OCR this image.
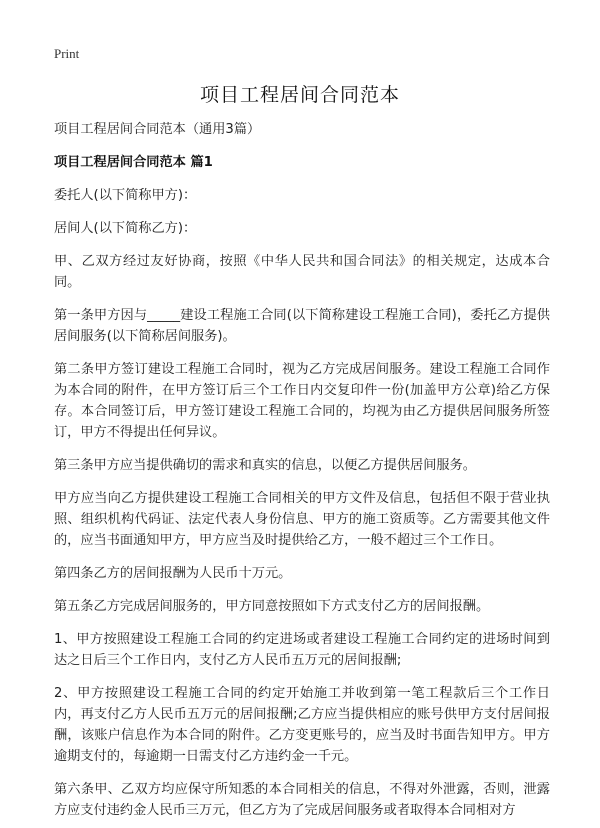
Print
项目工程居间合同范本

项目工程居间合同范本（通用3篇）

项目工程居间合同范本 篇1

委托人(以下简称甲方)：

居间人(以下简称乙方)：

甲、乙双方经过友好协商，按照《中华人民共和国合同法》的相关规定，达成本合同。

第一条甲方因与_____建设工程施工合同(以下简称建设工程施工合同)，委托乙方提供居间服务(以下简称居间服务)。

第二条甲方签订建设工程施工合同时，视为乙方完成居间服务。建设工程施工合同作为本合同的附件，在甲方签订后三个工作日内交复印件一份(加盖甲方公章)给乙方保存。本合同签订后，甲方签订建设工程施工合同的，均视为由乙方提供居间服务所签订，甲方不得提出任何异议。

第三条甲方应当提供确切的需求和真实的信息，以便乙方提供居间服务。

甲方应当向乙方提供建设工程施工合同相关的甲方文件及信息，包括但不限于营业执照、组织机构代码证、法定代表人身份信息、甲方的施工资质等。乙方需要其他文件的，应当书面通知甲方，甲方应当及时提供给乙方，一般不超过三个工作日。

第四条乙方的居间报酬为人民币十万元。

第五条乙方完成居间服务的，甲方同意按照如下方式支付乙方的居间报酬。

1、甲方按照建设工程施工合同的约定进场或者建设工程施工合同约定的进场时间到达之日后三个工作日内，支付乙方人民币五万元的居间报酬;

2、甲方按照建设工程施工合同的约定开始施工并收到第一笔工程款后三个工作日内，再支付乙方人民币五万元的居间报酬;乙方应当提供相应的账号供甲方支付居间报酬，该账户信息作为本合同的附件。乙方变更账号的，应当及时书面告知甲方。甲方逾期支付的，每逾期一日需支付乙方违约金一千元。

第六条甲、乙双方均应保守所知悉的本合同相关的信息，不得对外泄露，否则，泄露方应支付违约金人民币三万元，但乙方为了完成居间服务或者取得本合同相对方
